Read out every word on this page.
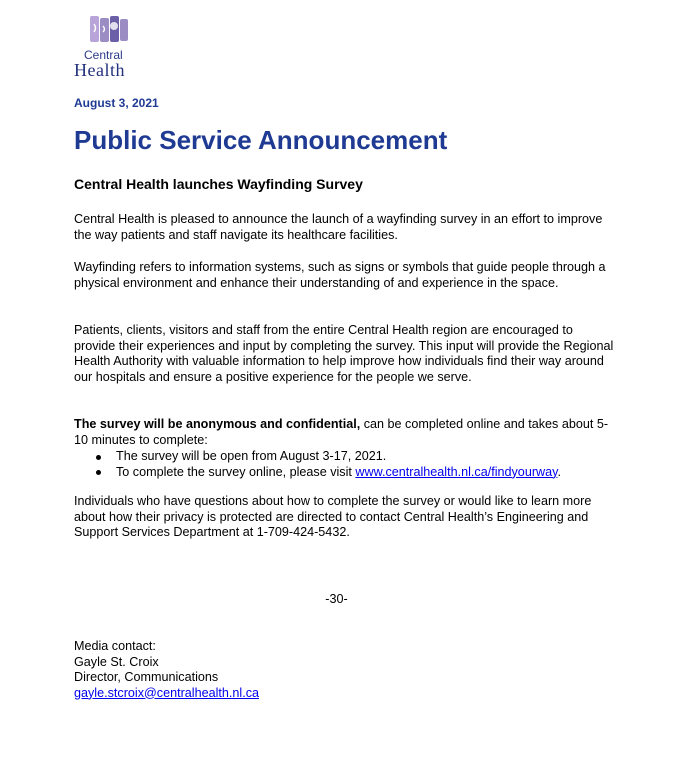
Central
Health
August 3, 2021
Public Service Announcement
Central Health launches Wayfinding Survey

Central Health is pleased to announce the launch of a wayfinding survey in an effort to improve the way patients and staff navigate its healthcare facilities.

Wayfinding refers to information systems, such as signs or symbols that guide people through a physical environment and enhance their understanding of and experience in the space.

Patients, clients, visitors and staff from the entire Central Health region are encouraged to provide their experiences and input by completing the survey. This input will provide the Regional Health Authority with valuable information to help improve how individuals find their way around our hospitals and ensure a positive experience for the people we serve.

The survey will be anonymous and confidential, can be completed online and takes about 5-10 minutes to complete:

The survey will be open from August 3-17, 2021.
To complete the survey online, please visit www.centralhealth.nl.ca/findyourway.

Individuals who have questions about how to complete the survey or would like to learn more about how their privacy is protected are directed to contact Central Health’s Engineering and Support Services Department at 1-709-424-5432.

-30-
Media contact:
Gayle St. Croix
Director, Communications
gayle.stcroix@centralhealth.nl.ca
